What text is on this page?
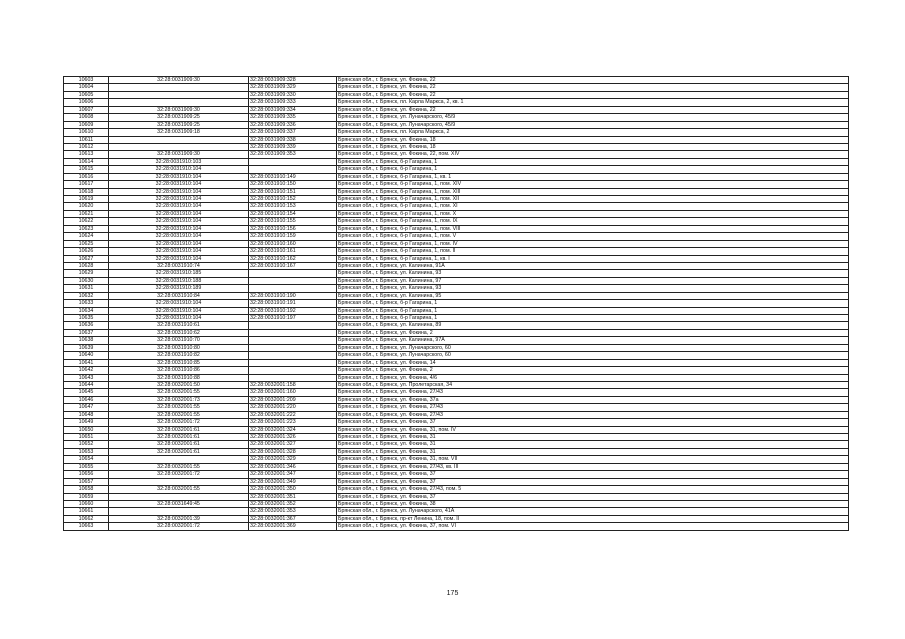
10603	32:28:0031909:30	32:28:0031909:328	Брянская обл., г. Брянск, ул. Фокина, 22
10604		32:28:0031909:329	Брянская обл., г. Брянск, ул. Фокина, 22
10605		32:28:0031909:330	Брянская обл., г. Брянск, ул. Фокина, 22
10606		32:28:0031909:333	Брянская обл., г. Брянск, пл. Карла Маркса, 2, кв. 1
10607	32:28:0031909:30	32:28:0031909:334	Брянская обл., г. Брянск, ул. Фокина, 22
10608	32:28:0031909:25	32:28:0031909:335	Брянская обл., г. Брянск, ул. Луначарского, 45/9
10609	32:28:0031909:25	32:28:0031909:336	Брянская обл., г. Брянск, ул. Луначарского, 45/9
10610	32:28:0031909:18	32:28:0031909:337	Брянская обл., г. Брянск, пл. Карла Маркса, 2
10611		32:28:0031909:338	Брянская обл., г. Брянск, ул. Фокина, 18
10612		32:28:0031909:339	Брянская обл., г. Брянск, ул. Фокина, 18
10613	32:28:0031909:30	32:28:0031909:353	Брянская обл., г. Брянск, ул. Фокина, 22, пом. XIV
10614	32:28:0031910:103		Брянская обл., г. Брянск, б-р Гагарина, 1
10615	32:28:0031910:104		Брянская обл., г. Брянск, б-р Гагарина, 1
10616	32:28:0031910:104	32:28:0031910:149	Брянская обл., г. Брянск, б-р Гагарина, 1, кв. 1
10617	32:28:0031910:104	32:28:0031910:150	Брянская обл., г. Брянск, б-р Гагарина, 1, пом. XIV
10618	32:28:0031910:104	32:28:0031910:151	Брянская обл., г. Брянск, б-р Гагарина, 1, пом. XIII
10619	32:28:0031910:104	32:28:0031910:152	Брянская обл., г. Брянск, б-р Гагарина, 1, пом. XII
10620	32:28:0031910:104	32:28:0031910:153	Брянская обл., г. Брянск, б-р Гагарина, 1, пом. XI
10621	32:28:0031910:104	32:28:0031910:154	Брянская обл., г. Брянск, б-р Гагарина, 1, пом. X
10622	32:28:0031910:104	32:28:0031910:155	Брянская обл., г. Брянск, б-р Гагарина, 1, пом. IX
10623	32:28:0031910:104	32:28:0031910:156	Брянская обл., г. Брянск, б-р Гагарина, 1, пом. VIII
10624	32:28:0031910:104	32:28:0031910:159	Брянская обл., г. Брянск, б-р Гагарина, 1, пом. V
10625	32:28:0031910:104	32:28:0031910:160	Брянская обл., г. Брянск, б-р Гагарина, 1, пом. IV
10626	32:28:0031910:104	32:28:0031910:161	Брянская обл., г. Брянск, б-р Гагарина, 1, пом. II
10627	32:28:0031910:104	32:28:0031910:162	Брянская обл., г. Брянск, б-р Гагарина, 1, кв. I
10628	32:28:0031910:74	32:28:0031910:167	Брянская обл., г. Брянск, ул. Калинина, 91А
10629	32:28:0031910:185		Брянская обл., г. Брянск, ул. Калинина, 93
10630	32:28:0031910:188		Брянская обл., г. Брянск, ул. Калинина, 97
10631	32:28:0031910:189		Брянская обл., г. Брянск, ул. Калинина, 93
10632	32:28:0031910:84	32:28:0031910:190	Брянская обл., г. Брянск, ул. Калинина, 95
10633	32:28:0031910:104	32:28:0031910:191	Брянская обл., г. Брянск, б-р Гагарина, 1
10634	32:28:0031910:104	32:28:0031910:192	Брянская обл., г. Брянск, б-р Гагарина, 1
10635	32:28:0031910:104	32:28:0031910:197	Брянская обл., г. Брянск, б-р Гагарина, 1
10636	32:28:0031910:61		Брянская обл., г. Брянск, ул. Калинина, 89
10637	32:28:0031910:62		Брянская обл., г. Брянск, ул. Фокина, 2
10638	32:28:0031910:70		Брянская обл., г. Брянск, ул. Калинина, 97А
10639	32:28:0031910:80		Брянская обл., г. Брянск, ул. Луначарского, 60
10640	32:28:0031910:82		Брянская обл., г. Брянск, ул. Луначарского, 60
10641	32:28:0031910:85		Брянская обл., г. Брянск, ул. Фокина, 14
10642	32:28:0031910:86		Брянская обл., г. Брянск, ул. Фокина, 2
10643	32:28:0031910:88		Брянская обл., г. Брянск, ул. Фокина, 4/6
10644	32:28:0032001:50	32:28:0032001:158	Брянская обл., г. Брянск, ул. Пролетарская, 34
10645	32:28:0032001:55	32:28:0032001:160	Брянская обл., г. Брянск, ул. Фокина, 27/43
10646	32:28:0032001:73	32:28:0032001:209	Брянская обл., г. Брянск, ул. Фокина, 37а
10647	32:28:0032001:55	32:28:0032001:220	Брянская обл., г. Брянск, ул. Фокина, 27/43
10648	32:28:0032001:55	32:28:0032001:222	Брянская обл., г. Брянск, ул. Фокина, 27/43
10649	32:28:0032001:72	32:28:0032001:223	Брянская обл., г. Брянск, ул. Фокина, 37
10650	32:28:0032001:61	32:28:0032001:324	Брянская обл., г. Брянск, ул. Фокина, 31, пом. IV
10651	32:28:0032001:61	32:28:0032001:326	Брянская обл., г. Брянск, ул. Фокина, 31
10652	32:28:0032001:61	32:28:0032001:327	Брянская обл., г. Брянск, ул. Фокина, 31
10653	32:28:0032001:61	32:28:0032001:328	Брянская обл., г. Брянск, ул. Фокина, 31
10654		32:28:0032001:329	Брянская обл., г. Брянск, ул. Фокина, 31, пом. VII
10655	32:28:0032001:55	32:28:0032001:346	Брянская обл., г. Брянск, ул. Фокина, 27/43, кв. III
10656	32:28:0032001:72	32:28:0032001:347	Брянская обл., г. Брянск, ул. Фокина, 37
10657		32:28:0032001:349	Брянская обл., г. Брянск, ул. Фокина, 37
10658	32:28:0032001:55	32:28:0032001:350	Брянская обл., г. Брянск, ул. Фокина, 27/43, пом. 5
10659		32:28:0032001:351	Брянская обл., г. Брянск, ул. Фокина, 37
10660	32:28:0031649:45	32:28:0032001:352	Брянская обл., г. Брянск, ул. Фокина, 38
10661		32:28:0032001:353	Брянская обл., г. Брянск, ул. Луначарского, 41А
10662	32:28:0032001:39	32:28:0032001:367	Брянская обл., г. Брянск, пр-кт Ленина, 18, пом. II
10663	32:28:0032001:72	32:28:0032001:369	Брянская обл., г. Брянск, ул. Фокина, 37, пом. VI
175
